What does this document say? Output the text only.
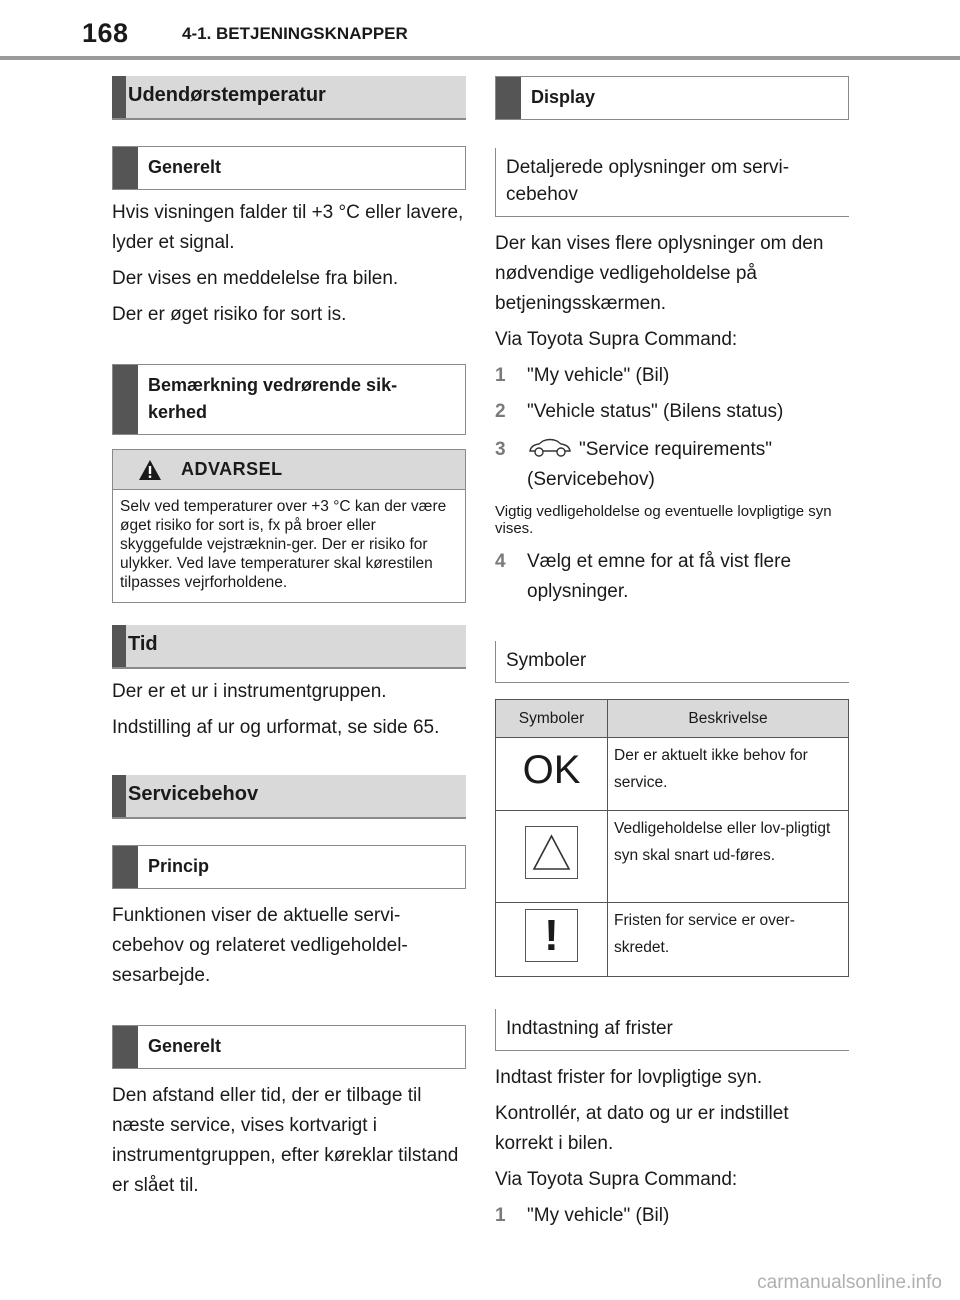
168	4-1. BETJENINGSKNAPPER
Udendørstemperatur
Generelt

Hvis visningen falder til +3 °C eller lavere, lyder et signal.

Der vises en meddelelse fra bilen.

Der er øget risiko for sort is.

Bemærkning vedrørende sik-kerhed
ADVARSEL
Selv ved temperaturer over +3 °C kan der være øget risiko for sort is, fx på broer eller skyggefulde vejstræknin-ger. Der er risiko for ulykker. Ved lave temperaturer skal kørestilen tilpasses vejrforholdene.
Tid

Der er et ur i instrumentgruppen.

Indstilling af ur og urformat, se side 65.

Servicebehov
Princip

Funktionen viser de aktuelle servi-cebehov og relateret vedligeholdel-sesarbejde.

Generelt

Den afstand eller tid, der er tilbage til næste service, vises kortvarigt i instrumentgruppen, efter køreklar tilstand er slået til.

Display
Detaljerede oplysninger om servi-cebehov

Der kan vises flere oplysninger om den nødvendige vedligeholdelse på betjeningsskærmen.

Via Toyota Supra Command:

1 "My vehicle" (Bil)
2 "Vehicle status" (Bilens status)
3	"Service requirements" (Servicebehov)

Vigtig vedligeholdelse og eventuelle lovpligtige syn vises.

4 Vælg et emne for at få vist flere oplysninger.
Symboler
Symboler	Beskrivelse
OK	Der er aktuelt ikke behov for service.

	Vedligeholdelse eller lov-pligtigt syn skal snart ud-føres.

!	Fristen for service er over-skredet.
Indtastning af frister

Indtast frister for lovpligtige syn.

Kontrollér, at dato og ur er indstillet korrekt i bilen.

Via Toyota Supra Command:

1 "My vehicle" (Bil)
carmanualsonline.info
